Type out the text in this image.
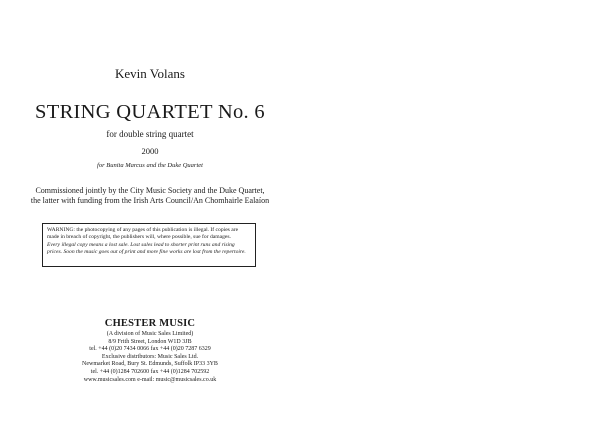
Kevin Volans
STRING QUARTET No. 6
for double string quartet
2000
for Bunita Marcus and the Duke Quartet
Commissioned jointly by the City Music Society and the Duke Quartet,
the latter with funding from the Irish Arts Council/An Chomhairle Ealaíon

WARNING: the photocopying of any pages of this publication is illegal. If copies are made in breach of copyright, the publishers will, where possible, sue for damages.

Every illegal copy means a lost sale. Lost sales lead to shorter print runs and rising prices. Soon the music goes out of print and more fine works are lost from the repertoire.

CHESTER MUSIC
(A division of Music Sales Limited)
8/9 Frith Street, London W1D 3JB
tel. +44 (0)20 7434 0066 fax +44 (0)20 7287 6329
Exclusive distributors: Music Sales Ltd.
Newmarket Road, Bury St. Edmunds, Suffolk IP33 3YB
tel. +44 (0)1284 702600 fax +44 (0)1284 702592
www.musicsales.com e-mail: music@musicsales.co.uk
